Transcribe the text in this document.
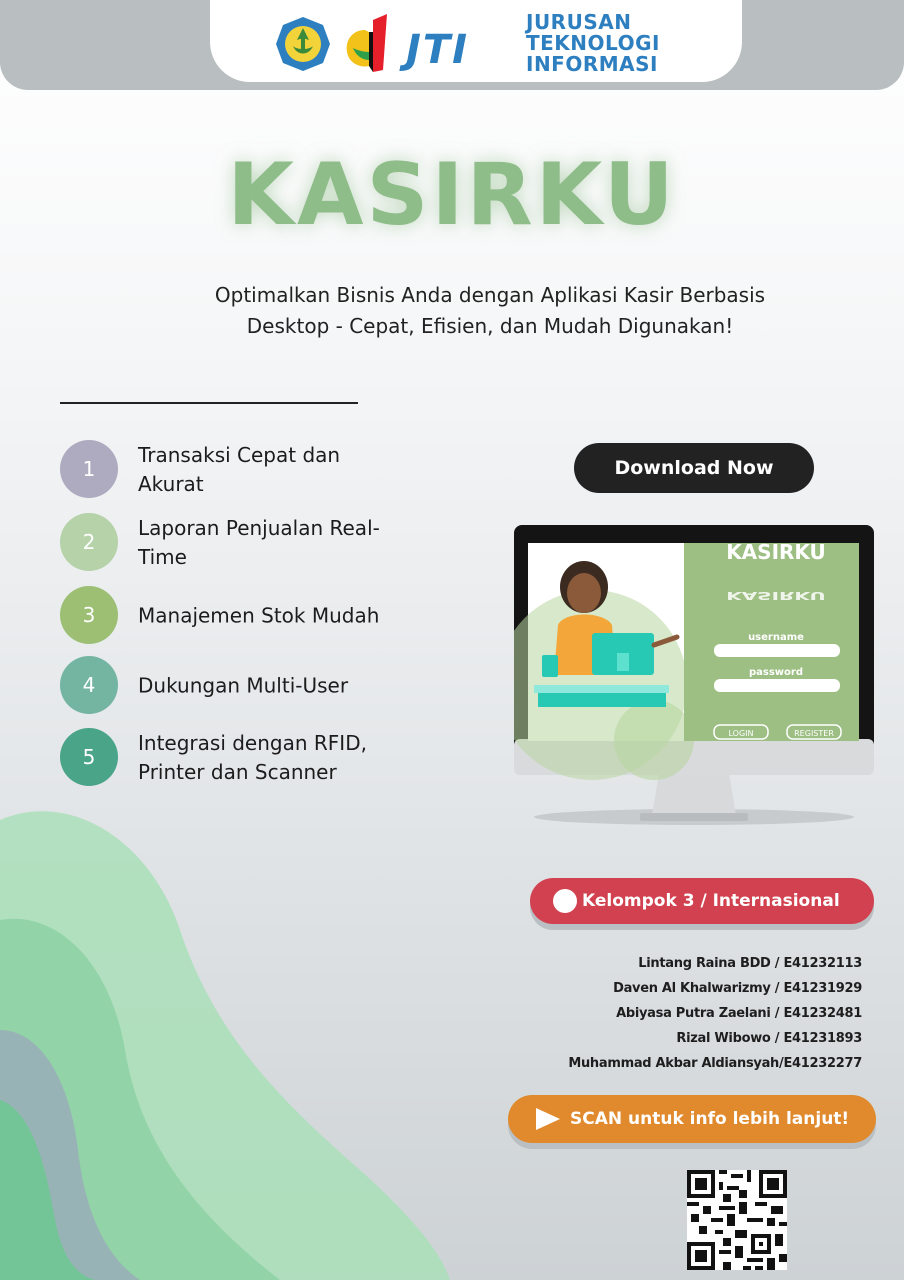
JTI
JURUSAN
TEKNOLOGI
INFORMASI
KASIRKU
Optimalkan Bisnis Anda dengan Aplikasi Kasir Berbasis Desktop - Cepat, Efisien, dan Mudah Digunakan!
1
Transaksi Cepat dan Akurat
2
Laporan Penjualan Real-Time
3	Manajemen Stok Mudah
4	Dukungan Multi-User
5
Integrasi dengan RFID, Printer dan Scanner
Download Now
KASIRKU
KASIRKU
username
password
LOGIN	REGISTER
Kelompok 3 / Internasional
Lintang Raina BDD / E41232113
Daven Al Khalwarizmy / E41231929
Abiyasa Putra Zaelani / E41232481
Rizal Wibowo / E41231893
Muhammad Akbar Aldiansyah/E41232277
SCAN untuk info lebih lanjut!
